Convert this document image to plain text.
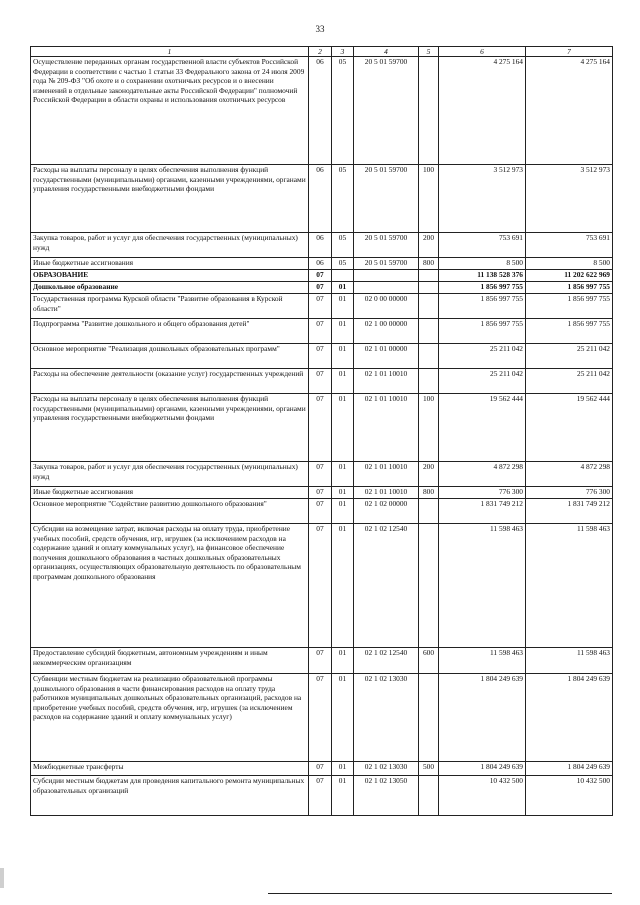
33
1	2	3	4	5	6	7
Осуществление переданных органам государственной власти субъектов Российской Федерации в соответствии с частью 1 статьи 33 Федерального закона от 24 июля 2009 года № 209-ФЗ "Об охоте и о сохранении охотничьих ресурсов и о внесении изменений в отдельные законодательные акты Российской Федерации" полномочий Российской Федерации в области охраны и использования охотничьих ресурсов	06	05	20 5 01 59700		4 275 164	4 275 164
Расходы на выплаты персоналу в целях обеспечения выполнения функций государственными (муниципальными) органами, казенными учреждениями, органами управления государственными внебюджетными фондами	06	05	20 5 01 59700	100	3 512 973	3 512 973
Закупка товаров, работ и услуг для обеспечения государственных (муниципальных) нужд	06	05	20 5 01 59700	200	753 691	753 691
Иные бюджетные ассигнования	06	05	20 5 01 59700	800	8 500	8 500
ОБРАЗОВАНИЕ	07				11 138 528 376	11 202 622 969
Дошкольное образование	07	01			1 856 997 755	1 856 997 755
Государственная программа Курской области "Развитие образования в Курской области"	07	01	02 0 00 00000		1 856 997 755	1 856 997 755
Подпрограмма "Развитие дошкольного и общего образования детей"	07	01	02 1 00 00000		1 856 997 755	1 856 997 755
Основное мероприятие "Реализация дошкольных образовательных программ"	07	01	02 1 01 00000		25 211 042	25 211 042
Расходы на обеспечение деятельности (оказание услуг) государственных учреждений	07	01	02 1 01 10010		25 211 042	25 211 042
Расходы на выплаты персоналу в целях обеспечения выполнения функций государственными (муниципальными) органами, казенными учреждениями, органами управления государственными внебюджетными фондами	07	01	02 1 01 10010	100	19 562 444	19 562 444
Закупка товаров, работ и услуг для обеспечения государственных (муниципальных) нужд	07	01	02 1 01 10010	200	4 872 298	4 872 298
Иные бюджетные ассигнования	07	01	02 1 01 10010	800	776 300	776 300
Основное мероприятие "Содействие развитию дошкольного образования"	07	01	02 1 02 00000		1 831 749 212	1 831 749 212
Субсидии на возмещение затрат, включая расходы на оплату труда, приобретение учебных пособий, средств обучения, игр, игрушек (за исключением расходов на содержание зданий и оплату коммунальных услуг), на финансовое обеспечение получения дошкольного образования в частных дошкольных образовательных организациях, осуществляющих образовательную деятельность по образовательным программам дошкольного образования	07	01	02 1 02 12540		11 598 463	11 598 463
Предоставление субсидий бюджетным, автономным учреждениям и иным некоммерческим организациям	07	01	02 1 02 12540	600	11 598 463	11 598 463
Субвенции местным бюджетам на реализацию образовательной программы дошкольного образования в части финансирования расходов на оплату труда работников муниципальных дошкольных образовательных организаций, расходов на приобретение учебных пособий, средств обучения, игр, игрушек (за исключением расходов на содержание зданий и оплату коммунальных услуг)	07	01	02 1 02 13030		1 804 249 639	1 804 249 639
Межбюджетные трансферты	07	01	02 1 02 13030	500	1 804 249 639	1 804 249 639
Субсидии местным бюджетам для проведения капитального ремонта муниципальных образовательных организаций	07	01	02 1 02 13050		10 432 500	10 432 500
